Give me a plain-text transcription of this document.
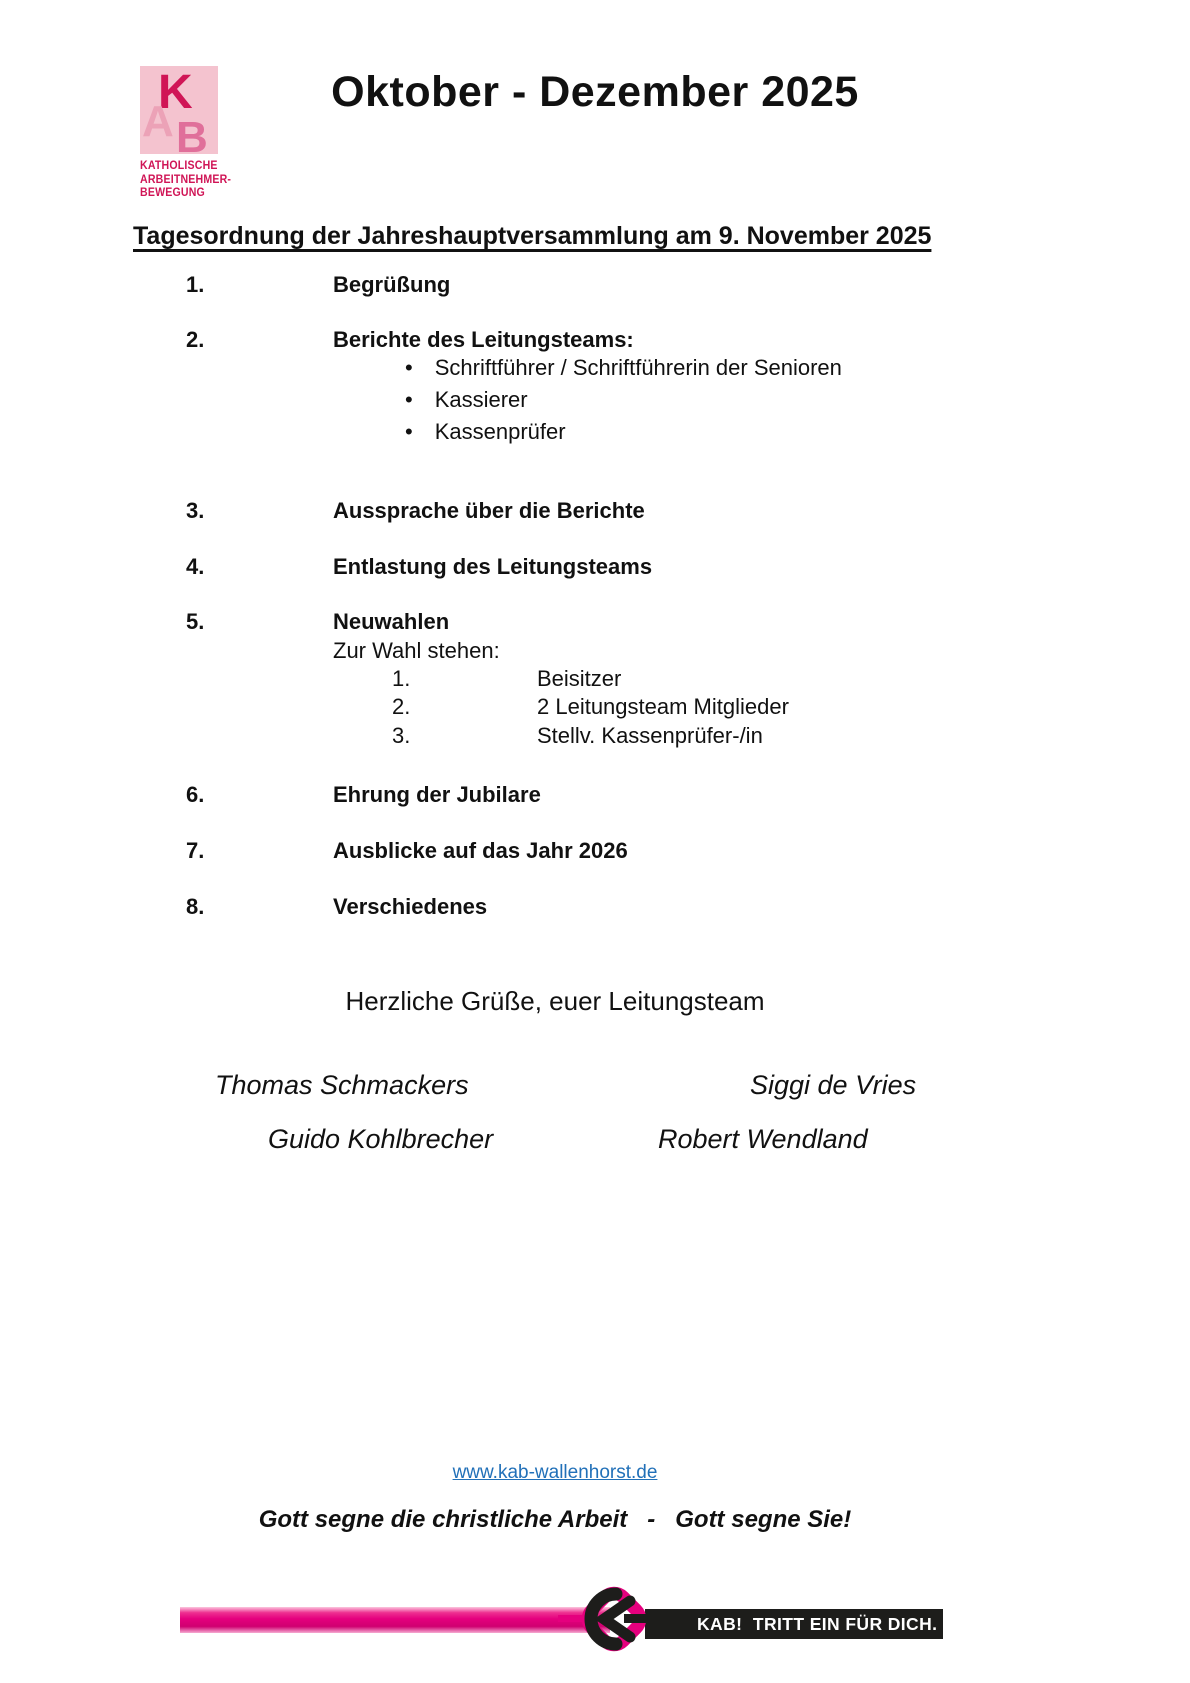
K
A B
KATHOLISCHE
ARBEITNEHMER-
BEWEGUNG
Oktober - Dezember 2025
Tagesordnung der Jahreshauptversammlung am 9. November 2025
1.	Begrüßung
2.	Berichte des Leitungsteams:
• Schriftführer / Schriftführerin der Senioren
• Kassierer
• Kassenprüfer
3.	Aussprache über die Berichte
4.	Entlastung des Leitungsteams
5.	Neuwahlen
Zur Wahl stehen:
1.	Beisitzer
2.	2 Leitungsteam Mitglieder
3.	Stellv. Kassenprüfer-/in
6.	Ehrung der Jubilare
7.	Ausblicke auf das Jahr 2026
8.	Verschiedenes
Herzliche Grüße, euer Leitungsteam
Thomas Schmackers	Siggi de Vries
Guido Kohlbrecher	Robert Wendland
www.kab-wallenhorst.de
Gott segne die christliche Arbeit   -   Gott segne Sie!
KAB!  TRITT EIN FÜR DICH.
